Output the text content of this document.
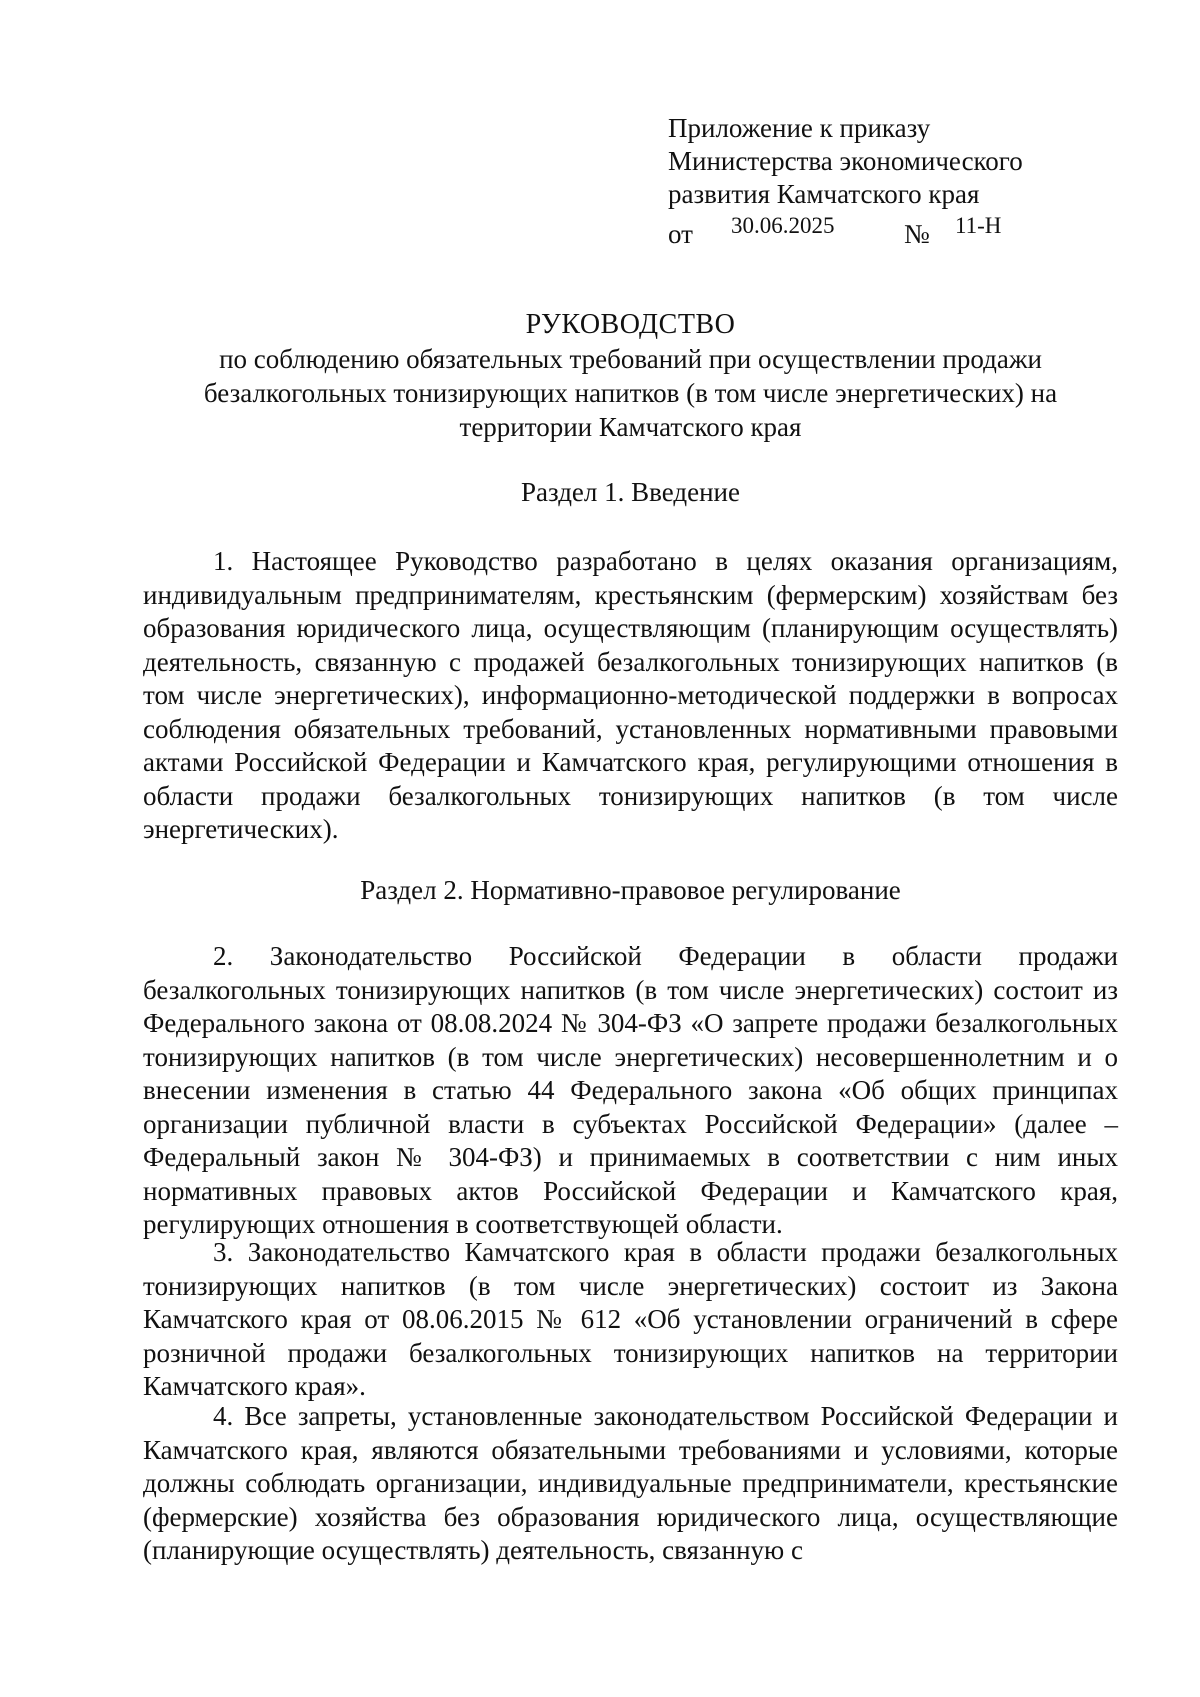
Приложение к приказу
Министерства экономического
развития Камчатского края
от 30.06.2025	№ 11-Н
РУКОВОДСТВО
по соблюдению обязательных требований при осуществлении продажи
безалкогольных тонизирующих напитков (в том числе энергетических) на
территории Камчатского края
Раздел 1. Введение
1. Настоящее Руководство разработано в целях оказания организациям, индивидуальным предпринимателям, крестьянским (фермерским) хозяйствам без образования юридического лица, осуществляющим (планирующим осуществлять) деятельность, связанную с продажей безалкогольных тонизирующих напитков (в том числе энергетических), информационно-методической поддержки в вопросах соблюдения обязательных требований, установленных нормативными правовыми актами Российской Федерации и Камчатского края, регулирующими отношения в области продажи безалкогольных тонизирующих напитков (в том числе энергетических).
Раздел 2. Нормативно-правовое регулирование
2. Законодательство Российской Федерации в области продажи безалкогольных тонизирующих напитков (в том числе энергетических) состоит из Федерального закона от 08.08.2024 № 304-ФЗ «О запрете продажи безалкогольных тонизирующих напитков (в том числе энергетических) несовершеннолетним и о внесении изменения в статью 44 Федерального закона «Об общих принципах организации публичной власти в субъектах Российской Федерации» (далее – Федеральный закон № 304-ФЗ) и принимаемых в соответствии с ним иных нормативных правовых актов Российской Федерации и Камчатского края, регулирующих отношения в соответствующей области.
3. Законодательство Камчатского края в области продажи безалкогольных тонизирующих напитков (в том числе энергетических) состоит из Закона Камчатского края от 08.06.2015 № 612 «Об установлении ограничений в сфере розничной продажи безалкогольных тонизирующих напитков на территории Камчатского края».
4. Все запреты, установленные законодательством Российской Федерации и Камчатского края, являются обязательными требованиями и условиями, которые должны соблюдать организации, индивидуальные предприниматели, крестьянские (фермерские) хозяйства без образования юридического лица, осуществляющие (планирующие осуществлять) деятельность, связанную с
